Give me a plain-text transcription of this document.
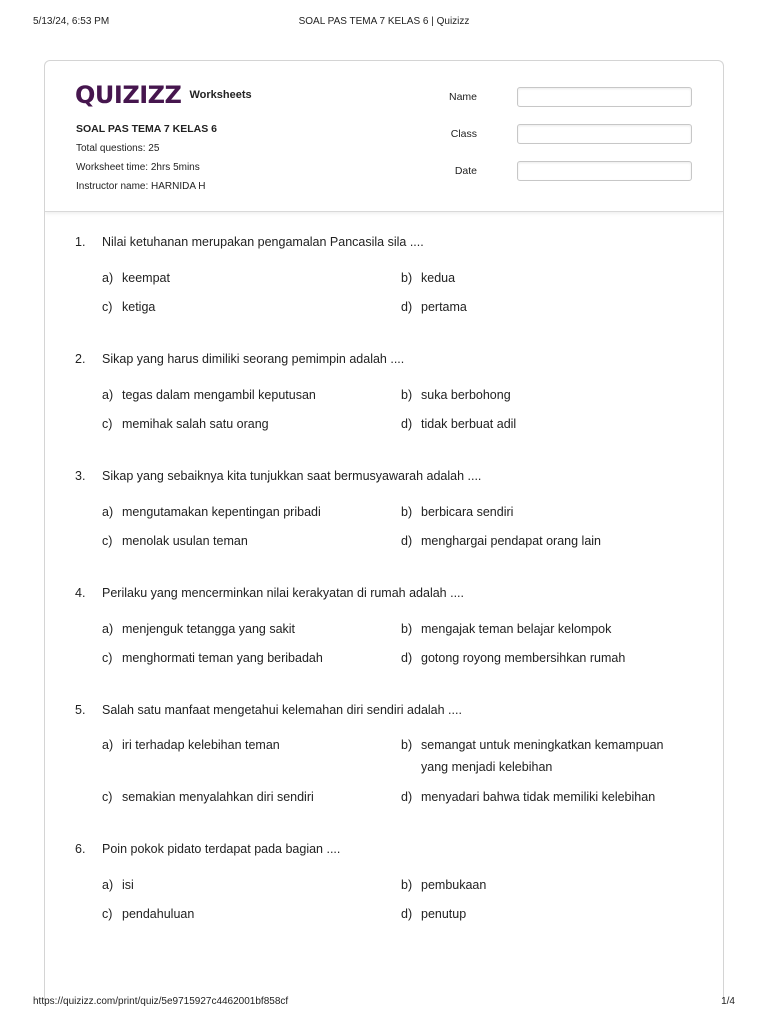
5/13/24, 6:53 PM	SOAL PAS TEMA 7 KELAS 6 | Quizizz
QUIZIZZ Worksheets
SOAL PAS TEMA 7 KELAS 6
Total questions: 25
Worksheet time: 2hrs 5mins
Instructor name: HARNIDA H
Name
Class
Date
1. Nilai ketuhanan merupakan pengamalan Pancasila sila ....
a) keempat	b) kedua
c) ketiga	d) pertama
2. Sikap yang harus dimiliki seorang pemimpin adalah ....
a) tegas dalam mengambil keputusan	b) suka berbohong
c) memihak salah satu orang	d) tidak berbuat adil
3. Sikap yang sebaiknya kita tunjukkan saat bermusyawarah adalah ....
a) mengutamakan kepentingan pribadi	b) berbicara sendiri
c) menolak usulan teman	d) menghargai pendapat orang lain
4. Perilaku yang mencerminkan nilai kerakyatan di rumah adalah ....
a) menjenguk tetangga yang sakit	b) mengajak teman belajar kelompok
c) menghormati teman yang beribadah	d) gotong royong membersihkan rumah
5. Salah satu manfaat mengetahui kelemahan diri sendiri adalah ....
a) iri terhadap kelebihan teman	b) semangat untuk meningkatkan kemampuan yang menjadi kelebihan
c) semakian menyalahkan diri sendiri	d) menyadari bahwa tidak memiliki kelebihan
6. Poin pokok pidato terdapat pada bagian ....
a) isi	b) pembukaan
c) pendahuluan	d) penutup
https://quizizz.com/print/quiz/5e9715927c4462001bf858cf	1/4
